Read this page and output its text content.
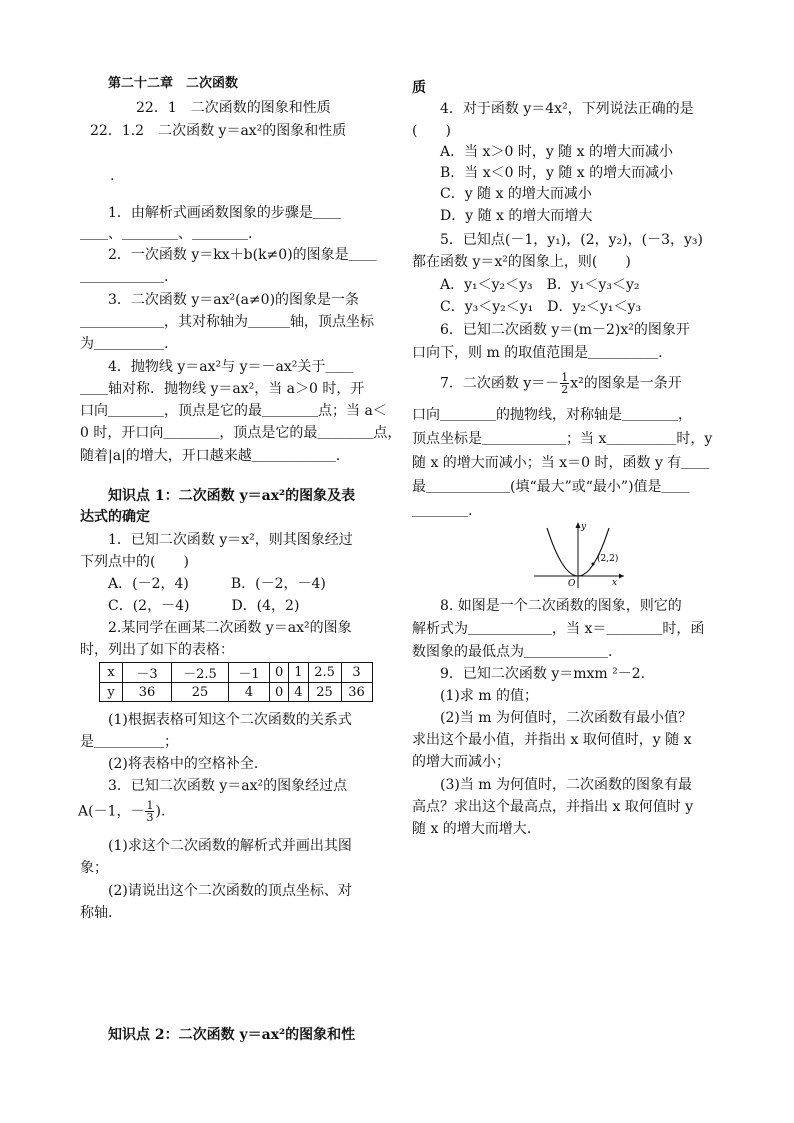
第二十二章　二次函数
22．1　二次函数的图象和性质
22．1.2　二次函数 y＝ax²的图象和性质
.
1．由解析式画函数图象的步骤是＿＿
＿＿、＿＿＿＿、＿＿＿＿.
2．一次函数 y＝kx＋b(k≠0)的图象是＿＿
＿＿＿＿＿＿.
3．二次函数 y＝ax²(a≠0)的图象是一条
＿＿＿＿＿＿，其对称轴为＿＿＿轴，顶点坐标
为＿＿＿＿＿.
4．抛物线 y＝ax²与 y＝－ax²关于＿＿
＿＿轴对称．抛物线 y＝ax²，当 a＞0 时，开
口向＿＿＿＿，顶点是它的最＿＿＿＿点；当 a＜
0 时，开口向＿＿＿＿，顶点是它的最＿＿＿＿点，
随着|a|的增大，开口越来越＿＿＿＿＿＿.
知识点 1：二次函数 y＝ax²的图象及表
达式的确定
1．已知二次函数 y＝x²，则其图象经过
下列点中的(　　)
A．(－2，4)　　　B．(－2，－4)
C．(2，－4)　　　D．(4，2)
2.某同学在画某二次函数 y＝ax²的图象
时，列出了如下的表格：
x	－3	－2.5	－1	0	1	2.5	3
y	36	25	4	0	4	25	36
(1)根据表格可知这个二次函数的关系式
是＿＿＿＿＿；
(2)将表格中的空格补全．
3．已知二次函数 y＝ax²的图象经过点
A(－1，－ $\frac{1}{3}$ ).
(1)求这个二次函数的解析式并画出其图
象；
(2)请说出这个二次函数的顶点坐标、对
称轴．
知识点 2：二次函数 y＝ax²的图象和性
质
4．对于函数 y＝4x²，下列说法正确的是
(　　)
A．当 x＞0 时，y 随 x 的增大而减小
B．当 x＜0 时，y 随 x 的增大而减小
C．y 随 x 的增大而减小
D．y 随 x 的增大而增大
5．已知点(－1，y₁)，(2，y₂)，(－3，y₃)
都在函数 y＝x²的图象上，则(　　)
A．y₁＜y₂＜y₃　B．y₁＜y₃＜y₂
C．y₃＜y₂＜y₁　D．y₂＜y₁＜y₃
6．已知二次函数 y＝(m－2)x²的图象开
口向下，则 m 的取值范围是＿＿＿＿＿.
7．二次函数 $y=- \frac{1}{2} x^2$的图象是一条开
口向＿＿＿＿的抛物线，对称轴是＿＿＿＿，
顶点坐标是＿＿＿＿＿＿；当 x＿＿＿＿＿时，y
随 x 的增大而减小；当 x＝0 时，函数 y 有＿＿
最＿＿＿＿＿＿(填“最大”或“最小”)值是＿＿
＿＿＿＿.
y
x
O
(2,2)
8. 如图是一个二次函数的图象，则它的
解析式为＿＿＿＿＿＿，当 x＝＿＿＿＿时，函
数图象的最低点为＿＿＿＿＿＿.
9．已知二次函数 y＝mxm ²－2.
(1)求 m 的值；
(2)当 m 为何值时，二次函数有最小值？
求出这个最小值，并指出 x 取何值时，y 随 x
的增大而减小；
(3)当 m 为何值时，二次函数的图象有最
高点？求出这个最高点，并指出 x 取何值时 y
随 x 的增大而增大.
